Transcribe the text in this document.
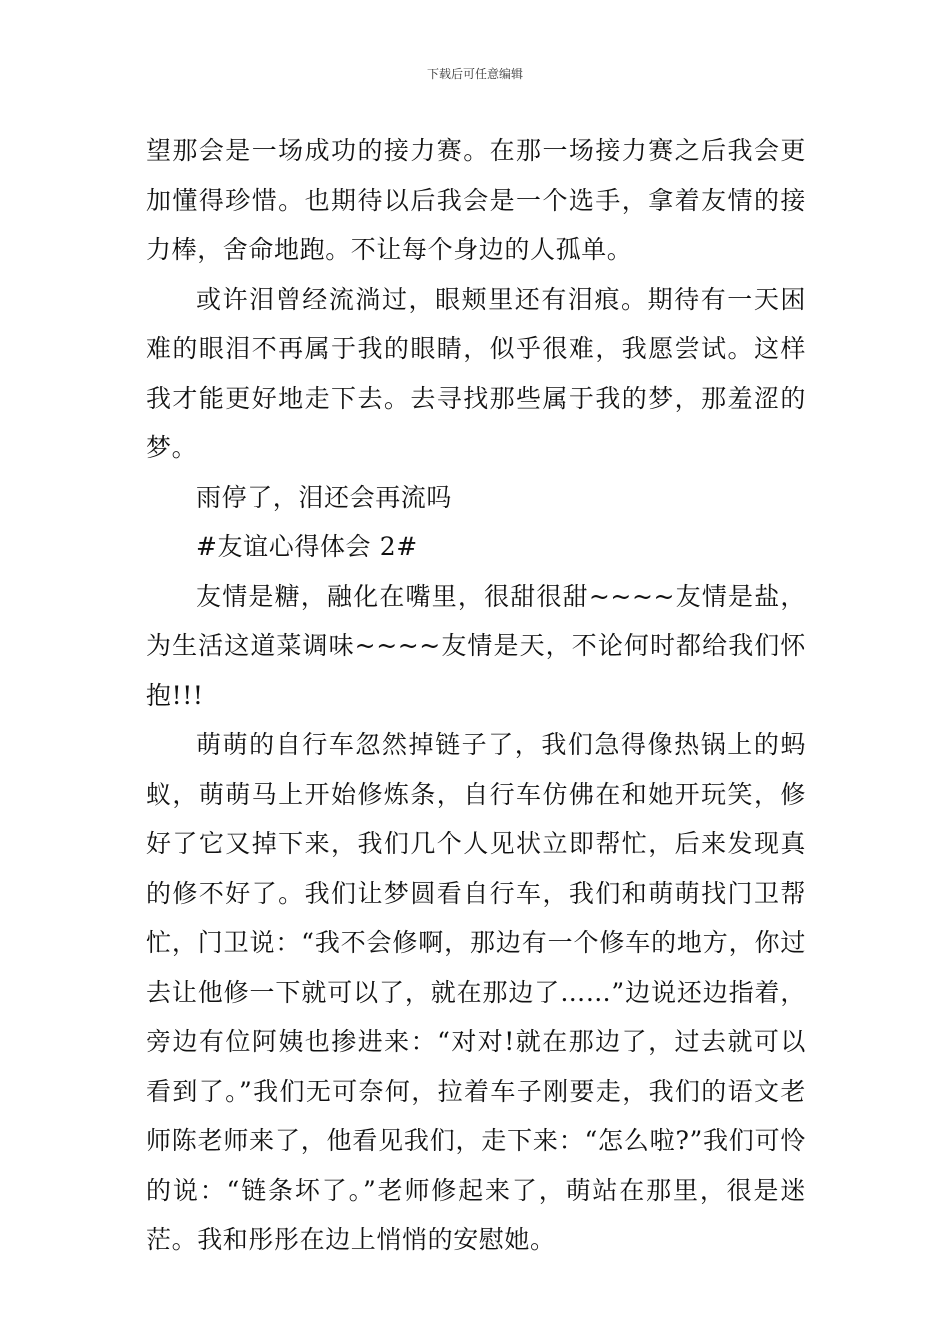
下载后可任意编辑

望那会是一场成功的接力赛。在那一场接力赛之后我会更加懂得珍惜。也期待以后我会是一个选手，拿着友情的接力棒，舍命地跑。不让每个身边的人孤单。

或许泪曾经流淌过，眼颊里还有泪痕。期待有一天困难的眼泪不再属于我的眼睛，似乎很难，我愿尝试。这样我才能更好地走下去。去寻找那些属于我的梦，那羞涩的梦。

雨停了，泪还会再流吗

#友谊心得体会 2#

友情是糖，融化在嘴里，很甜很甜~~~~友情是盐，为生活这道菜调味~~~~友情是天，不论何时都给我们怀抱!!!

萌萌的自行车忽然掉链子了，我们急得像热锅上的蚂蚁，萌萌马上开始修炼条，自行车仿佛在和她开玩笑，修好了它又掉下来，我们几个人见状立即帮忙，后来发现真的修不好了。我们让梦圆看自行车，我们和萌萌找门卫帮忙，门卫说：“我不会修啊，那边有一个修车的地方，你过去让他修一下就可以了，就在那边了……”边说还边指着，旁边有位阿姨也掺进来：“对对!就在那边了，过去就可以看到了。”我们无可奈何，拉着车子刚要走，我们的语文老师陈老师来了，他看见我们，走下来：“怎么啦?”我们可怜的说：“链条坏了。”老师修起来了，萌站在那里，很是迷茫。我和彤彤在边上悄悄的安慰她。
